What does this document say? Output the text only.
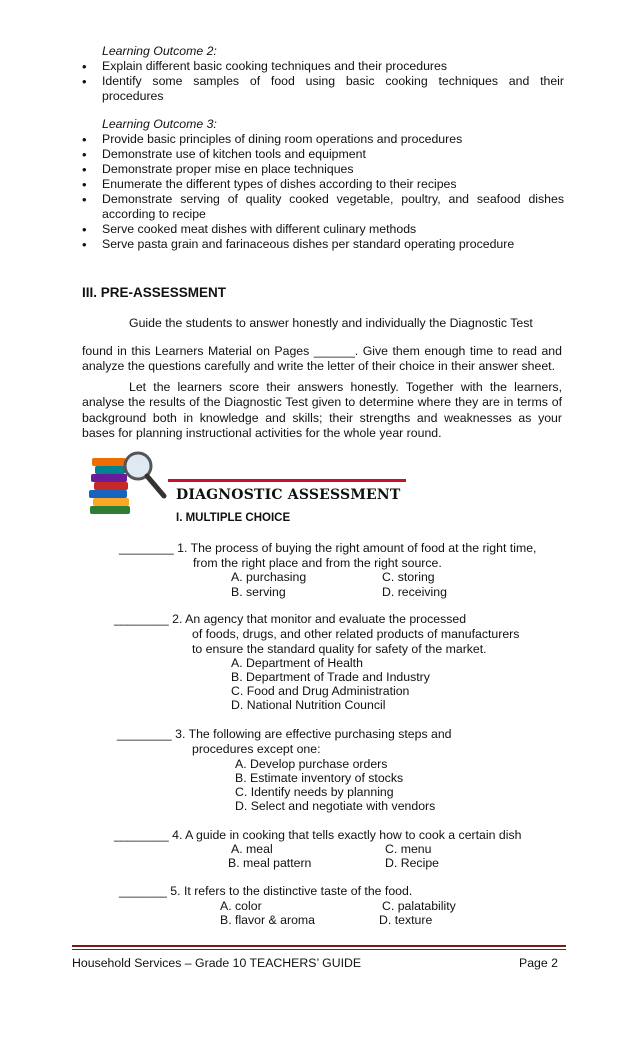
Learning Outcome 2:
• Explain different basic cooking techniques and their procedures
• Identify some samples of food using basic cooking techniques and their
procedures
Learning Outcome 3:
• Provide basic principles of dining room operations and procedures
• Demonstrate use of kitchen tools and equipment
• Demonstrate proper mise en place techniques
• Enumerate the different types of dishes according to their recipes
• Demonstrate serving of quality cooked vegetable, poultry, and seafood dishes
according to recipe
• Serve cooked meat dishes with different culinary methods
• Serve pasta grain and farinaceous dishes per standard operating procedure
III. PRE-ASSESSMENT
Guide the students to answer honestly and individually the Diagnostic Test
found in this Learners Material on Pages ______. Give them enough time to read and analyze the questions carefully and write the letter of their choice in their answer sheet.
Let the learners score their answers honestly. Together with the learners, analyse the results of the Diagnostic Test given to determine where they are in terms of background both in knowledge and skills; their strengths and weaknesses as your bases for planning instructional activities for the whole year round.
DIAGNOSTIC ASSESSMENT
I. MULTIPLE CHOICE
________ 1. The process of buying the right amount of food at the right time,
from the right place and from the right source.
A. purchasing	C. storing
B. serving	D. receiving
________ 2. An agency that monitor and evaluate the processed
of foods, drugs, and other related products of manufacturers
to ensure the standard quality for safety of the market.
A. Department of Health
B. Department of Trade and Industry
C. Food and Drug Administration
D. National Nutrition Council
________ 3. The following are effective purchasing steps and
procedures except one:
A. Develop purchase orders
B. Estimate inventory of stocks
C. Identify needs by planning
D. Select and negotiate with vendors
________ 4. A guide in cooking that tells exactly how to cook a certain dish
A. meal	C. menu
B. meal pattern	D. Recipe
_______ 5. It refers to the distinctive taste of the food.
A. color	C. palatability
B. flavor & aroma	D. texture
Household Services – Grade 10 TEACHERS’ GUIDE	Page 2
